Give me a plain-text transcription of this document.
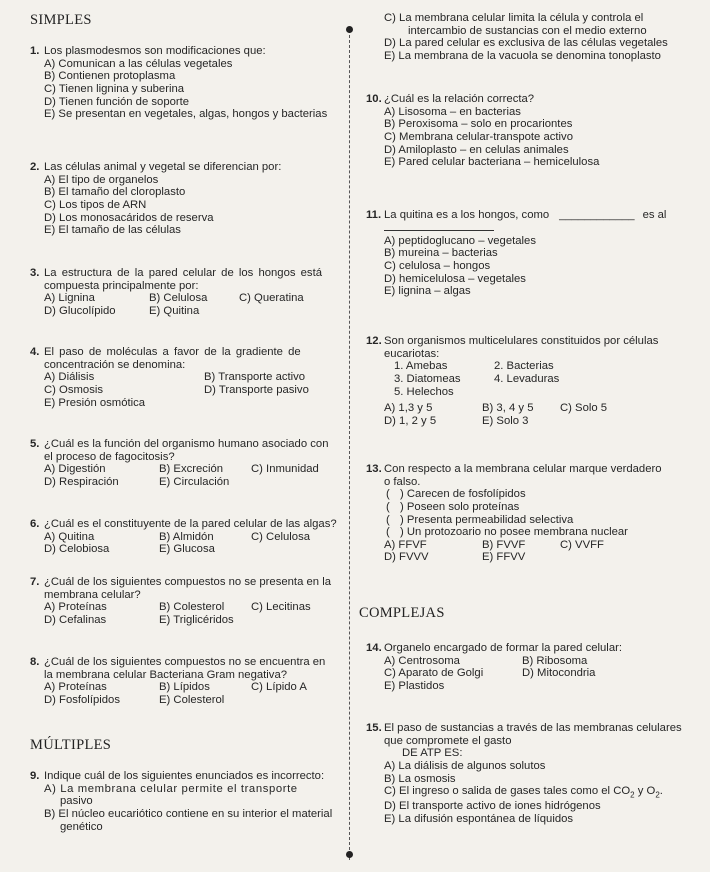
SIMPLES
1. Los plasmodesmos son modificaciones que:
A) Comunican a las células vegetales
B) Contienen protoplasma
C) Tienen lignina y suberina
D) Tienen función de soporte
E) Se presentan en vegetales, algas, hongos y bacterias
2. Las células animal y vegetal se diferencian por:
A) El tipo de organelos
B) El tamaño del cloroplasto
C) Los tipos de ARN
D) Los monosacáridos de reserva
E) El tamaño de las células
3. La estructura de la pared celular de los hongos está
compuesta principalmente por:
A) Lignina	B) Celulosa	C) Queratina
D) Glucolípido	E) Quitina
4. El paso de moléculas a favor de la gradiente de
concentración se denomina:
A) Diálisis	B) Transporte activo
C) Osmosis	D) Transporte pasivo
E) Presión osmótica
5. ¿Cuál es la función del organismo humano asociado con
el proceso de fagocitosis?
A) Digestión	B) Excreción	C) Inmunidad
D) Respiración	E) Circulación
6. ¿Cuál es el constituyente de la pared celular de las algas?
A) Quitina	B) Almidón	C) Celulosa
D) Celobiosa	E) Glucosa
7. ¿Cuál de los siguientes compuestos no se presenta en la
membrana celular?
A) Proteínas	B) Colesterol	C) Lecitinas
D) Cefalinas	E) Triglicéridos
8. ¿Cuál de los siguientes compuestos no se encuentra en
la membrana celular Bacteriana Gram negativa?
A) Proteínas	B) Lípidos	C) Lípido A
D) Fosfolípidos	E) Colesterol
MÚLTIPLES
9. Indique cuál de los siguientes enunciados es incorrecto:
A) La membrana celular permite el transporte
pasivo
B) El núcleo eucariótico contiene en su interior el material
genético
C) La membrana celular limita la célula y controla el
intercambio de sustancias con el medio externo
D) La pared celular es exclusiva de las células vegetales
E) La membrana de la vacuola se denomina tonoplasto
10. ¿Cuál es la relación correcta?
A) Lisosoma – en bacterias
B) Peroxisoma – solo en procariontes
C) Membrana celular-transpote activo
D) Amiloplasto – en celulas animales
E) Pared celular bacteriana – hemicelulosa
11. La quitina es a los hongos, como ____________ es al
A) peptidoglucano – vegetales
B) mureina – bacterias
C) celulosa – hongos
D) hemicelulosa – vegetales
E) lignina – algas
12. Son organismos multicelulares constituidos por células
eucariotas:
1. Amebas	2. Bacterias
3. Diatomeas	4. Levaduras
5. Helechos
A) 1,3 y 5	B) 3, 4 y 5	C) Solo 5
D) 1, 2 y 5	E) Solo 3
13. Con respecto a la membrana celular marque verdadero
o falso.
( ) Carecen de fosfolípidos
( ) Poseen solo proteínas
( ) Presenta permeabilidad selectiva
( ) Un protozoario no posee membrana nuclear
A) FFVF	B) FVVF	C) VVFF
D) FVVV	E) FFVV
COMPLEJAS
14. Organelo encargado de formar la pared celular:
A) Centrosoma	B) Ribosoma
C) Aparato de Golgi	D) Mitocondria
E) Plastidos
15. El paso de sustancias a través de las membranas celulares
que compromete el gasto
DE ATP ES:
A) La diálisis de algunos solutos
B) La osmosis
C) El ingreso o salida de gases tales como el $CO_2$ y $O_2$.
D) El transporte activo de iones hidrógenos
E) La difusión espontánea de líquidos
